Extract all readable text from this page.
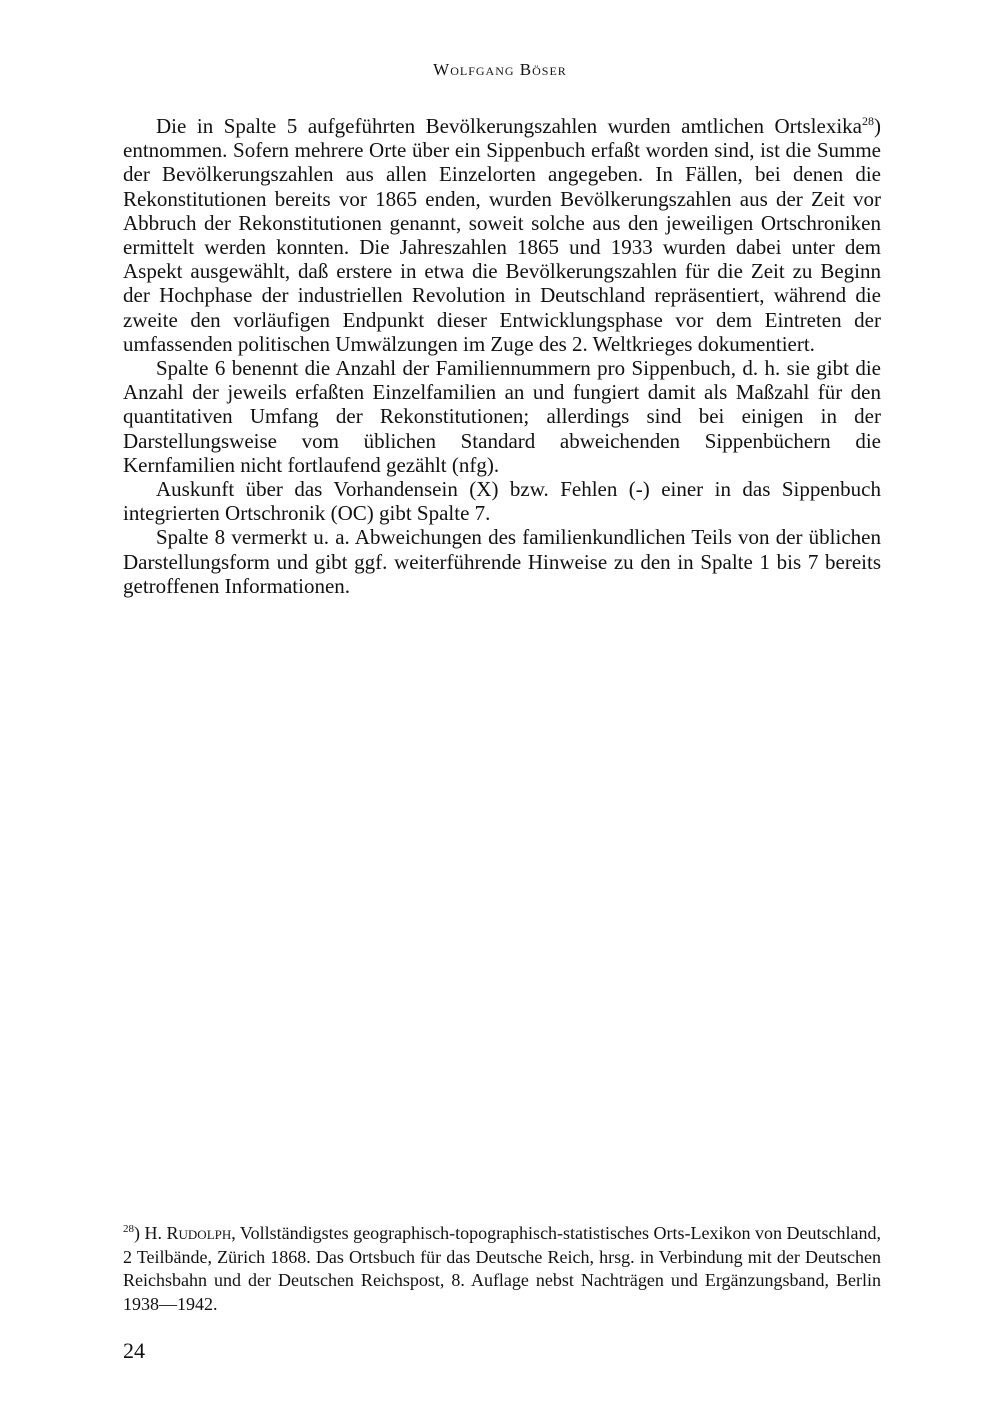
Wolfgang Böser

Die in Spalte 5 aufgeführten Bevölkerungszahlen wurden amtlichen Ortslexika$^{28}$) entnommen. Sofern mehrere Orte über ein Sippenbuch erfaßt worden sind, ist die Summe der Bevölkerungszahlen aus allen Einzelorten angegeben. In Fällen, bei denen die Rekonstitutionen bereits vor 1865 enden, wurden Bevölkerungszahlen aus der Zeit vor Abbruch der Rekonstitutionen genannt, soweit solche aus den jeweiligen Ortschroniken ermittelt werden konnten. Die Jahreszahlen 1865 und 1933 wurden dabei unter dem Aspekt ausgewählt, daß erstere in etwa die Bevölkerungszahlen für die Zeit zu Beginn der Hochphase der industriellen Revolution in Deutschland repräsentiert, während die zweite den vorläufigen Endpunkt dieser Entwicklungsphase vor dem Eintreten der umfassenden politischen Umwälzungen im Zuge des 2. Weltkrieges dokumentiert.

Spalte 6 benennt die Anzahl der Familiennummern pro Sippenbuch, d. h. sie gibt die Anzahl der jeweils erfaßten Einzelfamilien an und fungiert damit als Maßzahl für den quantitativen Umfang der Rekonstitutionen; allerdings sind bei einigen in der Darstellungsweise vom üblichen Standard abweichenden Sippenbüchern die Kernfamilien nicht fortlaufend gezählt (nfg).

Auskunft über das Vorhandensein (X) bzw. Fehlen (-) einer in das Sippenbuch integrierten Ortschronik (OC) gibt Spalte 7.

Spalte 8 vermerkt u. a. Abweichungen des familienkundlichen Teils von der üblichen Darstellungsform und gibt ggf. weiterführende Hinweise zu den in Spalte 1 bis 7 bereits getroffenen Informationen.

$^{28}$) H. Rudolph, Vollständigstes geographisch-topographisch-statistisches Orts-Lexikon von Deutschland, 2 Teilbände, Zürich 1868. Das Ortsbuch für das Deutsche Reich, hrsg. in Verbindung mit der Deutschen Reichsbahn und der Deutschen Reichspost, 8. Auflage nebst Nachträgen und Ergänzungsband, Berlin 1938—1942.
24
